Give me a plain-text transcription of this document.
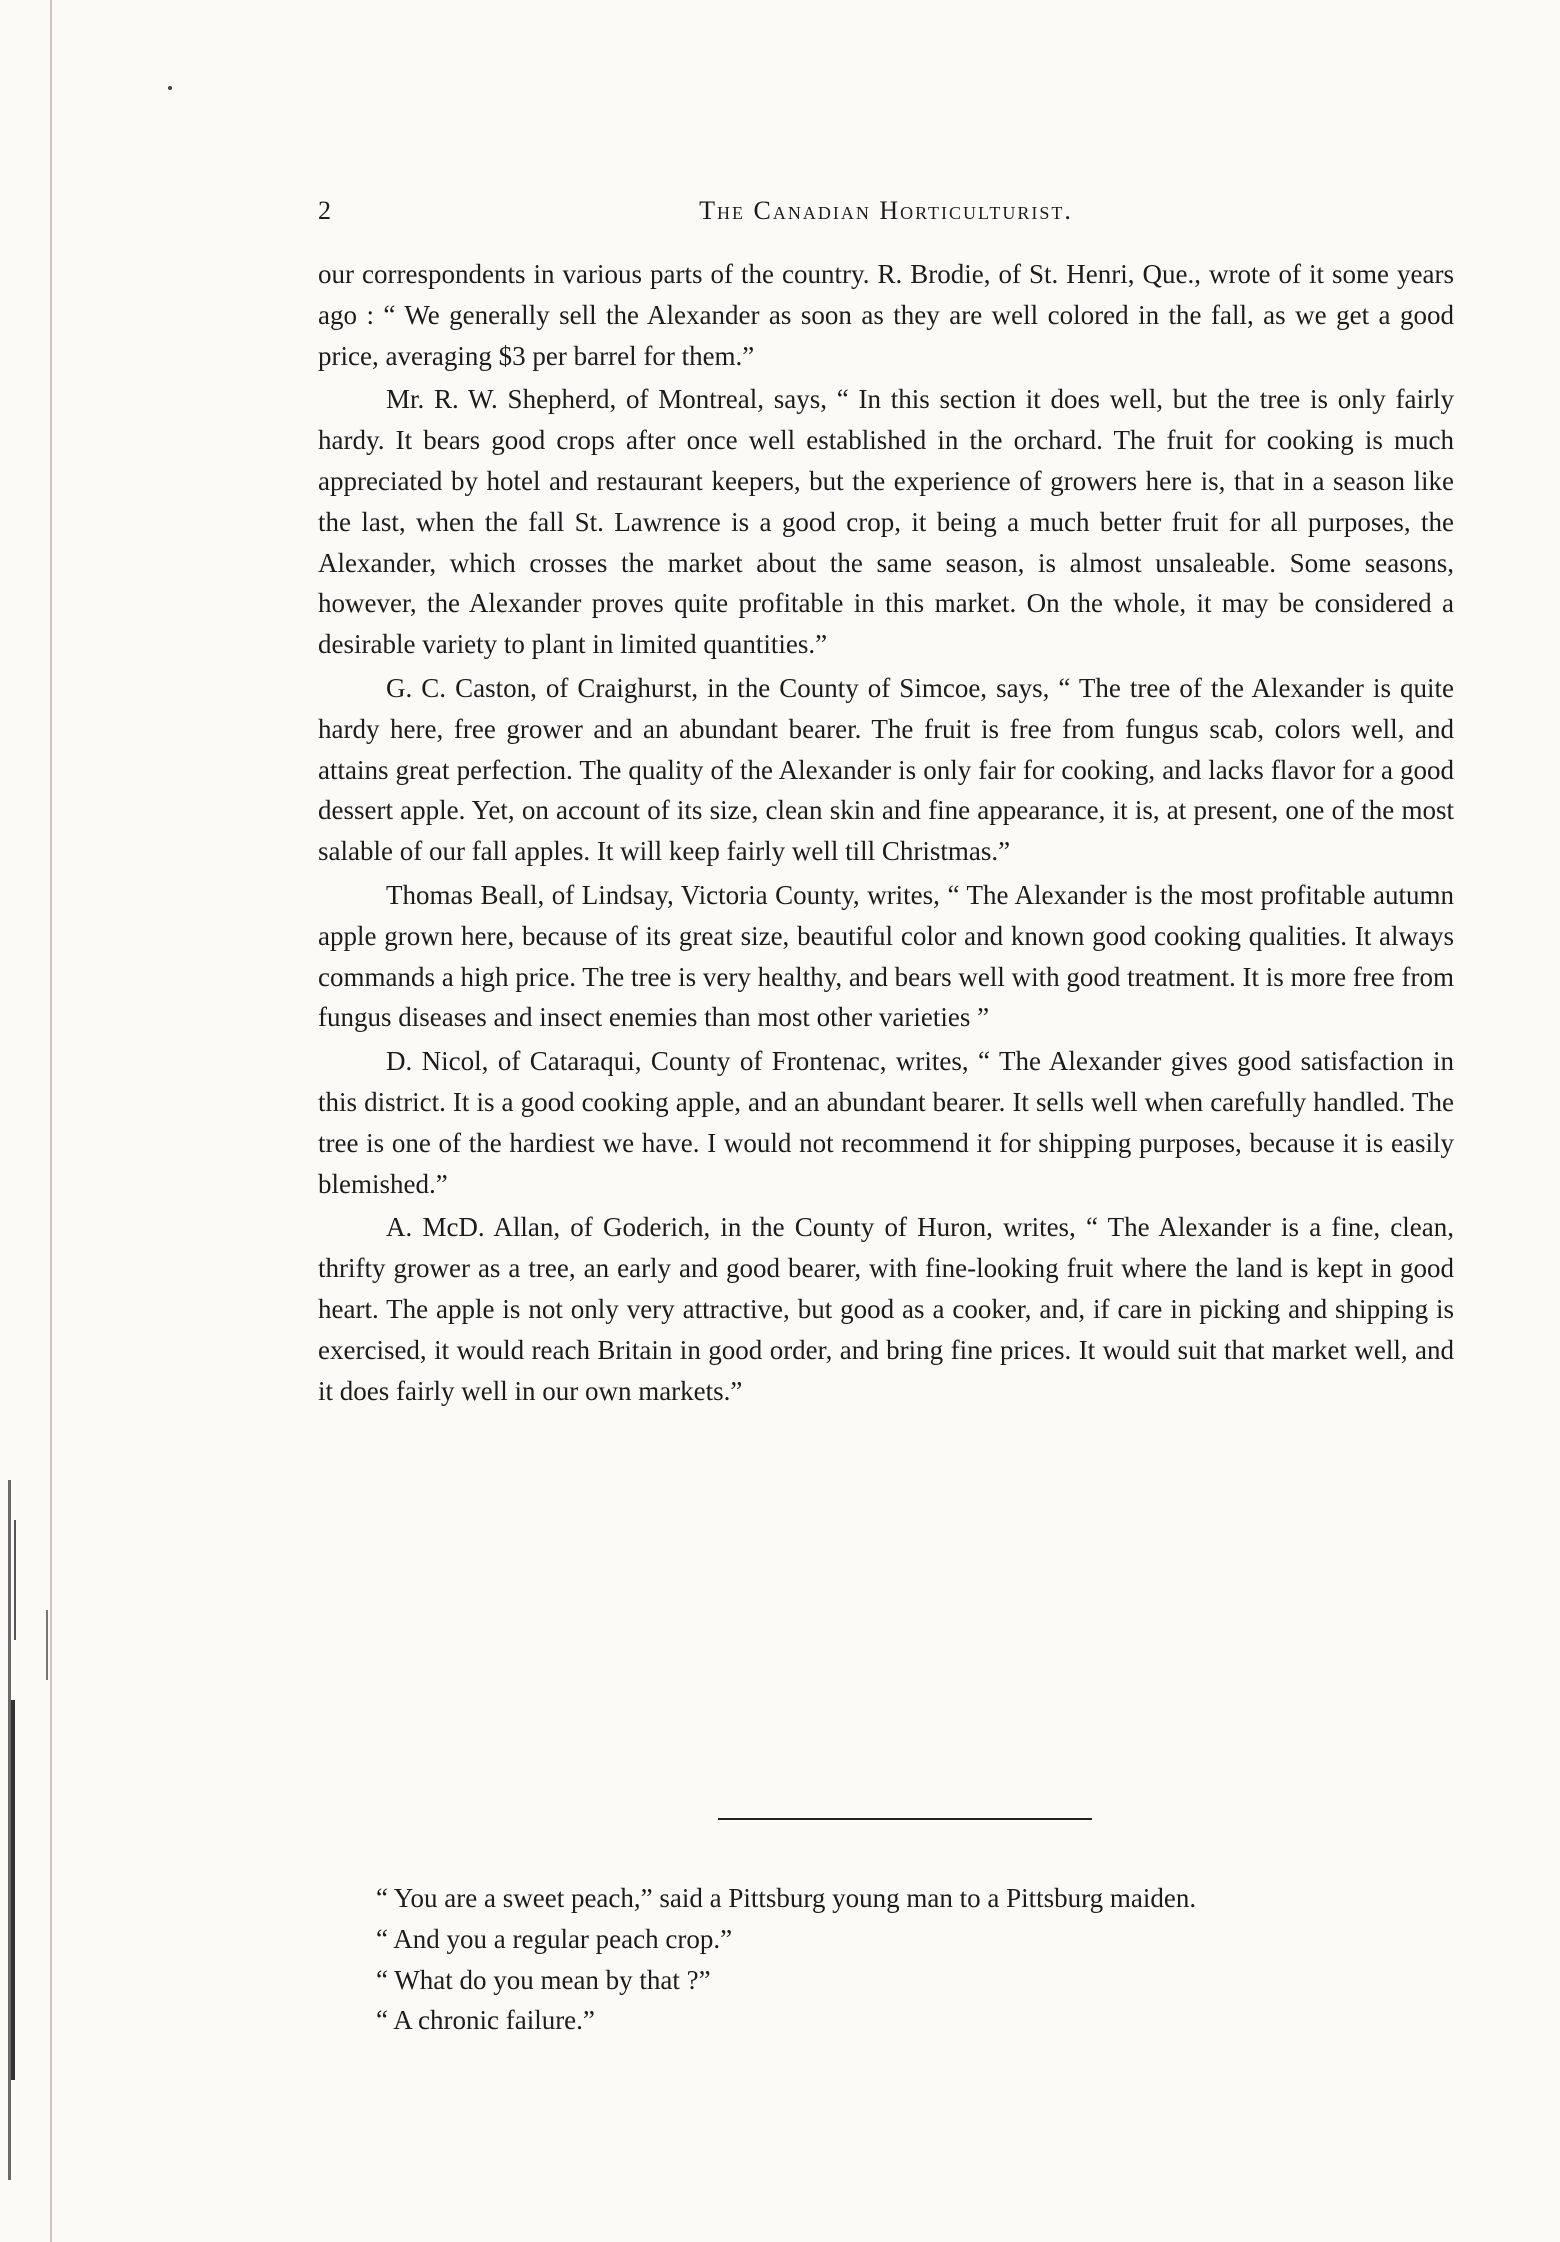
2	The Canadian Horticulturist.

our correspondents in various parts of the country. R. Brodie, of St. Henri, Que., wrote of it some years ago : “ We generally sell the Alexander as soon as they are well colored in the fall, as we get a good price, averaging $3 per barrel for them.”

Mr. R. W. Shepherd, of Montreal, says, “ In this section it does well, but the tree is only fairly hardy. It bears good crops after once well established in the orchard. The fruit for cooking is much appreciated by hotel and restaurant keepers, but the experience of growers here is, that in a season like the last, when the fall St. Lawrence is a good crop, it being a much better fruit for all purposes, the Alexander, which crosses the market about the same season, is almost unsaleable. Some seasons, however, the Alexander proves quite profitable in this market. On the whole, it may be considered a desirable variety to plant in limited quantities.”

G. C. Caston, of Craighurst, in the County of Simcoe, says, “ The tree of the Alexander is quite hardy here, free grower and an abundant bearer. The fruit is free from fungus scab, colors well, and attains great perfection. The quality of the Alexander is only fair for cooking, and lacks flavor for a good dessert apple. Yet, on account of its size, clean skin and fine appearance, it is, at present, one of the most salable of our fall apples. It will keep fairly well till Christmas.”

Thomas Beall, of Lindsay, Victoria County, writes, “ The Alexander is the most profitable autumn apple grown here, because of its great size, beautiful color and known good cooking qualities. It always commands a high price. The tree is very healthy, and bears well with good treatment. It is more free from fungus diseases and insect enemies than most other varieties ”

D. Nicol, of Cataraqui, County of Frontenac, writes, “ The Alexander gives good satisfaction in this district. It is a good cooking apple, and an abundant bearer. It sells well when carefully handled. The tree is one of the hardiest we have. I would not recommend it for shipping purposes, because it is easily blemished.”

A. McD. Allan, of Goderich, in the County of Huron, writes, “ The Alexander is a fine, clean, thrifty grower as a tree, an early and good bearer, with fine-looking fruit where the land is kept in good heart. The apple is not only very attractive, but good as a cooker, and, if care in picking and shipping is exercised, it would reach Britain in good order, and bring fine prices. It would suit that market well, and it does fairly well in our own markets.”

“ You are a sweet peach,” said a Pittsburg young man to a Pittsburg maiden.

“ And you a regular peach crop.”

“ What do you mean by that ?”

“ A chronic failure.”
